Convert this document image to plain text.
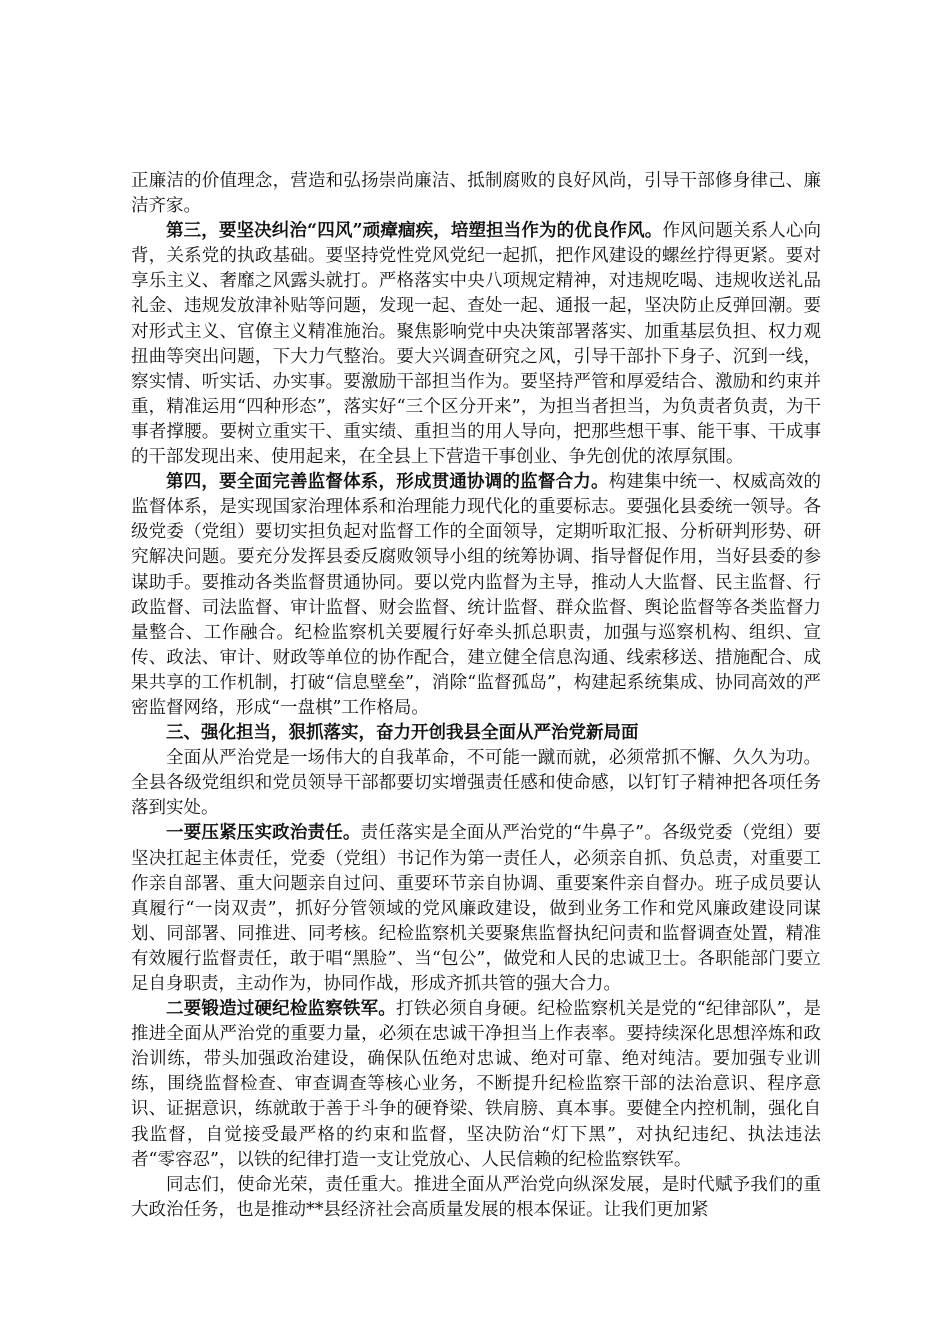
正廉洁的价值理念，营造和弘扬崇尚廉洁、抵制腐败的良好风尚，引导干部修身律己、廉洁齐家。

第三，要坚决纠治“四风”顽瘴痼疾，培塑担当作为的优良作风。作风问题关系人心向背，关系党的执政基础。要坚持党性党风党纪一起抓，把作风建设的螺丝拧得更紧。要对享乐主义、奢靡之风露头就打。严格落实中央八项规定精神，对违规吃喝、违规收送礼品礼金、违规发放津补贴等问题，发现一起、查处一起、通报一起，坚决防止反弹回潮。要对形式主义、官僚主义精准施治。聚焦影响党中央决策部署落实、加重基层负担、权力观扭曲等突出问题，下大力气整治。要大兴调查研究之风，引导干部扑下身子、沉到一线，察实情、听实话、办实事。要激励干部担当作为。要坚持严管和厚爱结合、激励和约束并重，精准运用“四种形态”，落实好“三个区分开来”，为担当者担当，为负责者负责，为干事者撑腰。要树立重实干、重实绩、重担当的用人导向，把那些想干事、能干事、干成事的干部发现出来、使用起来，在全县上下营造干事创业、争先创优的浓厚氛围。

第四，要全面完善监督体系，形成贯通协调的监督合力。构建集中统一、权威高效的监督体系，是实现国家治理体系和治理能力现代化的重要标志。要强化县委统一领导。各级党委（党组）要切实担负起对监督工作的全面领导，定期听取汇报、分析研判形势、研究解决问题。要充分发挥县委反腐败领导小组的统筹协调、指导督促作用，当好县委的参谋助手。要推动各类监督贯通协同。要以党内监督为主导，推动人大监督、民主监督、行政监督、司法监督、审计监督、财会监督、统计监督、群众监督、舆论监督等各类监督力量整合、工作融合。纪检监察机关要履行好牵头抓总职责，加强与巡察机构、组织、宣传、政法、审计、财政等单位的协作配合，建立健全信息沟通、线索移送、措施配合、成果共享的工作机制，打破“信息壁垒”，消除“监督孤岛”，构建起系统集成、协同高效的严密监督网络，形成“一盘棋”工作格局。

三、强化担当，狠抓落实，奋力开创我县全面从严治党新局面

全面从严治党是一场伟大的自我革命，不可能一蹴而就，必须常抓不懈、久久为功。全县各级党组织和党员领导干部都要切实增强责任感和使命感，以钉钉子精神把各项任务落到实处。

一要压紧压实政治责任。责任落实是全面从严治党的“牛鼻子”。各级党委（党组）要坚决扛起主体责任，党委（党组）书记作为第一责任人，必须亲自抓、负总责，对重要工作亲自部署、重大问题亲自过问、重要环节亲自协调、重要案件亲自督办。班子成员要认真履行“一岗双责”，抓好分管领域的党风廉政建设，做到业务工作和党风廉政建设同谋划、同部署、同推进、同考核。纪检监察机关要聚焦监督执纪问责和监督调查处置，精准有效履行监督责任，敢于唱“黑脸”、当“包公”，做党和人民的忠诚卫士。各职能部门要立足自身职责，主动作为，协同作战，形成齐抓共管的强大合力。

二要锻造过硬纪检监察铁军。打铁必须自身硬。纪检监察机关是党的“纪律部队”，是推进全面从严治党的重要力量，必须在忠诚干净担当上作表率。要持续深化思想淬炼和政治训练，带头加强政治建设，确保队伍绝对忠诚、绝对可靠、绝对纯洁。要加强专业训练，围绕监督检查、审查调查等核心业务，不断提升纪检监察干部的法治意识、程序意识、证据意识，练就敢于善于斗争的硬脊梁、铁肩膀、真本事。要健全内控机制，强化自我监督，自觉接受最严格的约束和监督，坚决防治“灯下黑”，对执纪违纪、执法违法者“零容忍”，以铁的纪律打造一支让党放心、人民信赖的纪检监察铁军。

同志们，使命光荣，责任重大。推进全面从严治党向纵深发展，是时代赋予我们的重大政治任务，也是推动**县经济社会高质量发展的根本保证。让我们更加紧
